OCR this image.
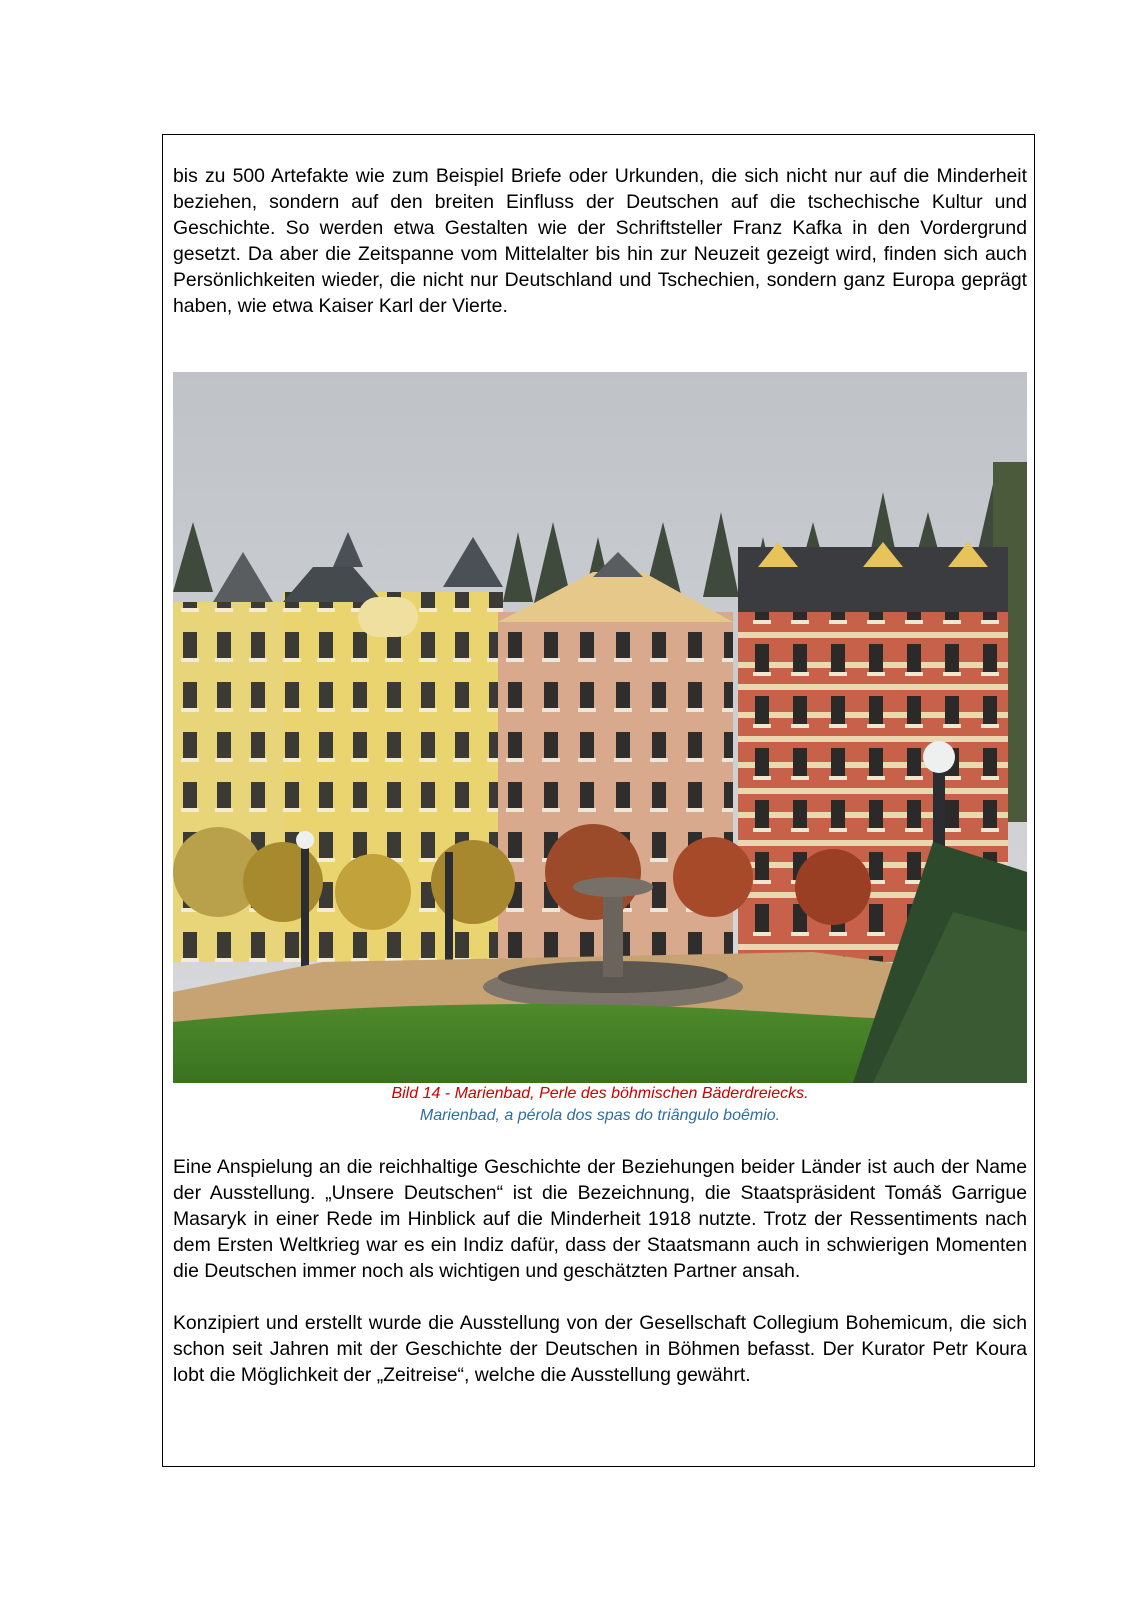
bis zu 500 Artefakte wie zum Beispiel Briefe oder Urkunden, die sich nicht nur auf die Minderheit beziehen, sondern auf den breiten Einfluss der Deutschen auf die tschechische Kultur und Geschichte. So werden etwa Gestalten wie der Schriftsteller Franz Kafka in den Vordergrund gesetzt. Da aber die Zeitspanne vom Mittelalter bis hin zur Neuzeit gezeigt wird, finden sich auch Persönlichkeiten wieder, die nicht nur Deutschland und Tschechien, sondern ganz Europa geprägt haben, wie etwa Kaiser Karl der Vierte.

Bild 14 - Marienbad, Perle des böhmischen Bäderdreiecks.

Marienbad, a pérola dos spas do triângulo boêmio.

Eine Anspielung an die reichhaltige Geschichte der Beziehungen beider Länder ist auch der Name der Ausstellung. „Unsere Deutschen“ ist die Bezeichnung, die Staatspräsident Tomáš Garrigue Masaryk in einer Rede im Hinblick auf die Minderheit 1918 nutzte. Trotz der Ressentiments nach dem Ersten Weltkrieg war es ein Indiz dafür, dass der Staatsmann auch in schwierigen Momenten die Deutschen immer noch als wichtigen und geschätzten Partner ansah.

Konzipiert und erstellt wurde die Ausstellung von der Gesellschaft Collegium Bohemicum, die sich schon seit Jahren mit der Geschichte der Deutschen in Böhmen befasst. Der Kurator Petr Koura lobt die Möglichkeit der „Zeitreise“, welche die Ausstellung gewährt.
